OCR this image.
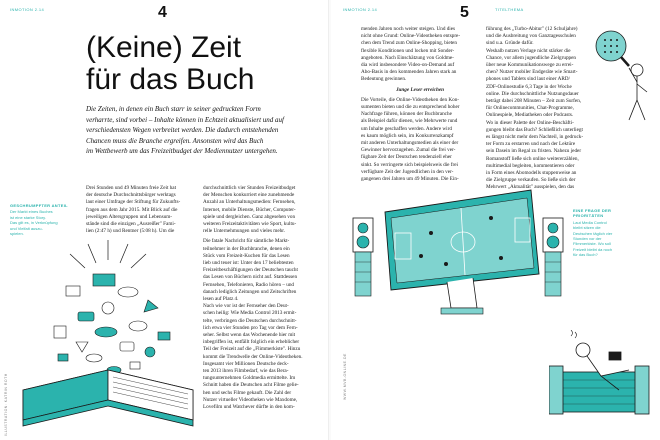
INMOTION 2.14	4
(Keine) Zeit
für das Buch
Die Zeiten, in denen ein Buch starr in seiner gedruckten Form
verharrte, sind vorbei – Inhalte können in Echtzeit aktualisiert und auf
verschiedensten Wegen verbreitet werden. Die dadurch entstehenden
Chancen muss die Branche ergreifen. Ansonsten wird das Buch
im Wettbewerb um das Freizeitbudget der Mediennutzer untergehen.
GESCHRUMPFTER ANTEIL
Der Markt eines Buches
ist eine starke Story.
Das gilt es, in Verknüpfung
und Vielfalt auszu-
spielen.
ILLUSTRATION: KATRIN ROTH
Drei Stunden und 49 Minuten freie Zeit hat
der deutsche Durchschnittsbürger werktags
laut einer Umfrage der Stiftung für Zukunfts-
fragen aus dem Jahr 2015. Mit Blick auf die
jeweiligen Altersgruppen und Lebensum-
stände sind die einzigen „Ausreißer" Fami-
lien (2:47 h) und Rentner (5:08 h). Um die
durchschnittlich vier Stunden Freizeitbudget
der Menschen konkurriert eine zunehmende
Anzahl an Unterhaltungsmedien: Fernsehen,
Internet, mobile Dienste, Bücher, Computer-
spiele und dergleichen. Ganz abgesehen von
weiteren Freizeitaktivitäten wie Sport, kultu-
relle Unternehmungen und vieles mehr.
Die fatale Nachricht für sämtliche Markt-
teilnehmer in der Buchbranche, denen ein
Stück vom Freizeit-Kuchen für das Lesen
lieb und teuer ist: Unter den 17 beliebtesten
Freizeitbeschäftigungen der Deutschen taucht
das Lesen von Büchern nicht auf. Stattdessen
Fernsehen, Telefonieren, Radio hören – und
danach lediglich Zeitungen und Zeitschriften
lesen auf Platz 4.
Nach wie vor ist der Fernseher den Deut-
schen heilig: Wie Media Control 2013 ermit-
telte, verbringen die Deutschen durchschnitt-
lich etwa vier Stunden pro Tag vor dem Fern-
seher. Selbst wenn das Wochenende hier mit
inbegriffen ist, entfällt folglich ein erheblicher
Teil der Freizeit auf die „Flimmerkiste". Hinzu
kommt die Trendwelle der Online-Videotheken.
Insgesamt vier Millionen Deutsche deck-
ten 2013 ihren Filmbedarf, wie das Bera-
tungsunternehmen Goldmedia ermittelte. Im
Schnitt haben die Deutschen acht Filme gelie-
hen und sechs Filme gekauft. Die Zahl der
Nutzer virtueller Videotheken wie Maxdome,
Lovefilm und Watchever dürfte in den kom-
INMOTION 2.14	5	TITELTHEMA
WWW.MVB-ONLINE.DE
menden Jahren noch weiter steigen. Und dies
nicht ohne Grund: Online-Videotheken entspre-
chen dem Trend zum Online-Shopping, bieten
flexible Konditionen und locken mit Sonder-
angeboten. Nach Einschätzung von Goldme-
dia wird insbesondere Video-on-Demand auf
Abo-Basis in den kommenden Jahren stark an
Bedeutung gewinnen.
Junge Leser erreichen
Die Vorteile, die Online-Videotheken den Kon-
sumenten bieten und die zu entsprechend hoher
Nachfrage führen, können der Buchbranche
als Beispiel dafür dienen, wie Mehrwerte rund
um Inhalte geschaffen werden. Andere wird
es kaum möglich sein, im Konkurrenzkampf
mit anderen Unterhaltungsmedien als einer der
Gewinner hervorzugehen. Zumal die frei ver-
fügbare Zeit der Deutschen tendenziell eher
sinkt. So verringerte sich beispielsweis die frei
verfügbare Zeit der Jugendlichen in den ver-
gangenen drei Jahren um 49 Minuten. Die Ein-
führung des „Turbo-Abitur" (12 Schuljahre)
und die Ausbreitung von Ganztagesschulen
sind u.a. Gründe dafür.
Weshalb nutzen Verlage nicht stärker die
Chance, vor allem jugendliche Zielgruppen
über neue Kommunikationswege zu errei-
chen? Nutzer mobiler Endgeräte wie Smart-
phones und Tablets sind laut einer ARD/
ZDF-Onlinestudie 6,3 Tage in der Woche
online. Die durchschnittliche Nutzungsdauer
beträgt dabei 208 Minuten – Zeit zum Surfen,
für Onlinecommunities, Chat-Programme,
Onlinespiele, Mediatheken oder Podcasts.
Wo in dieser Palette der Online-Beschäfti-
gungen bleibt das Buch? Schließlich unterliegt
es längst nicht mehr dem Nachteil, in gedruck-
ter Form zu erstarren und nach der Lektüre
sein Dasein im Regal zu fristen. Nahezu jeder
Romanstoff ließe sich online weitererzählen,
multimedial begleiten, kommentieren oder
in Form eines Abomodells stuppenweise an
die Zielgruppe verkaufen. So ließe sich der
Mehrwert „Aktualität" ausspielen, den das
EINE FRAGE DER PRIORITÄTEN
Laut Media Control
bleibt sitzen die
Deutschen täglich vier
Stunden vor der
Flimmerkiste. Wo soll
Freizeit bleibt da noch
für das Buch?
